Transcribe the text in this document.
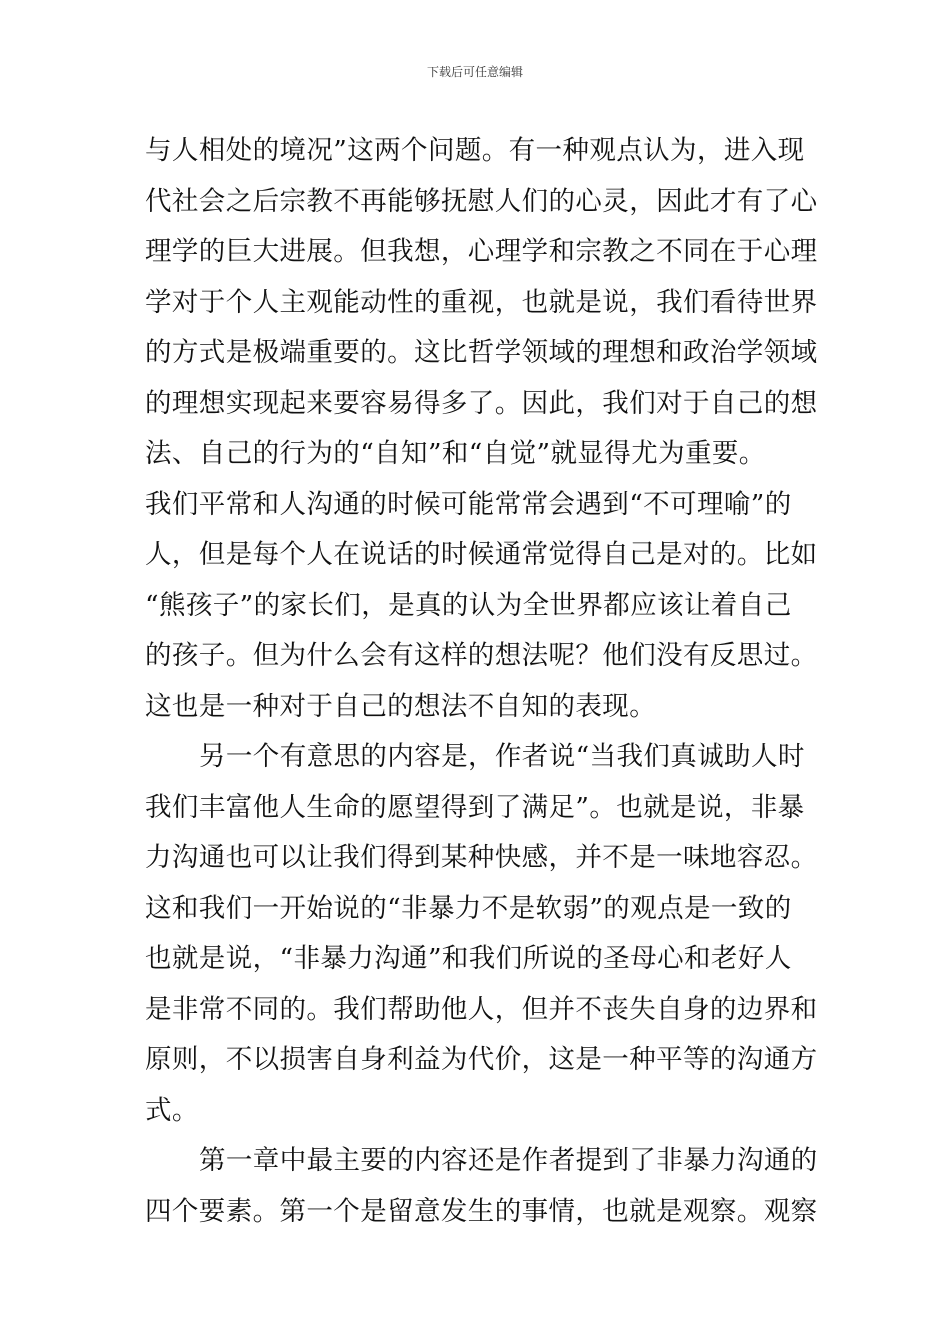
下载后可任意编辑
与人相处的境况”这两个问题。有一种观点认为，进入现
代社会之后宗教不再能够抚慰人们的心灵，因此才有了心
理学的巨大进展。但我想，心理学和宗教之不同在于心理
学对于个人主观能动性的重视，也就是说，我们看待世界
的方式是极端重要的。这比哲学领域的理想和政治学领域
的理想实现起来要容易得多了。因此，我们对于自己的想
法、自己的行为的“自知”和“自觉”就显得尤为重要。
我们平常和人沟通的时候可能常常会遇到“不可理喻”的
人，但是每个人在说话的时候通常觉得自己是对的。比如
“熊孩子”的家长们，是真的认为全世界都应该让着自己
的孩子。但为什么会有这样的想法呢？他们没有反思过。
这也是一种对于自己的想法不自知的表现。
另一个有意思的内容是，作者说“当我们真诚助人时
我们丰富他人生命的愿望得到了满足”。也就是说，非暴
力沟通也可以让我们得到某种快感，并不是一味地容忍。
这和我们一开始说的“非暴力不是软弱”的观点是一致的
也就是说，“非暴力沟通”和我们所说的圣母心和老好人
是非常不同的。我们帮助他人，但并不丧失自身的边界和
原则，不以损害自身利益为代价，这是一种平等的沟通方
式。
第一章中最主要的内容还是作者提到了非暴力沟通的
四个要素。第一个是留意发生的事情，也就是观察。观察
